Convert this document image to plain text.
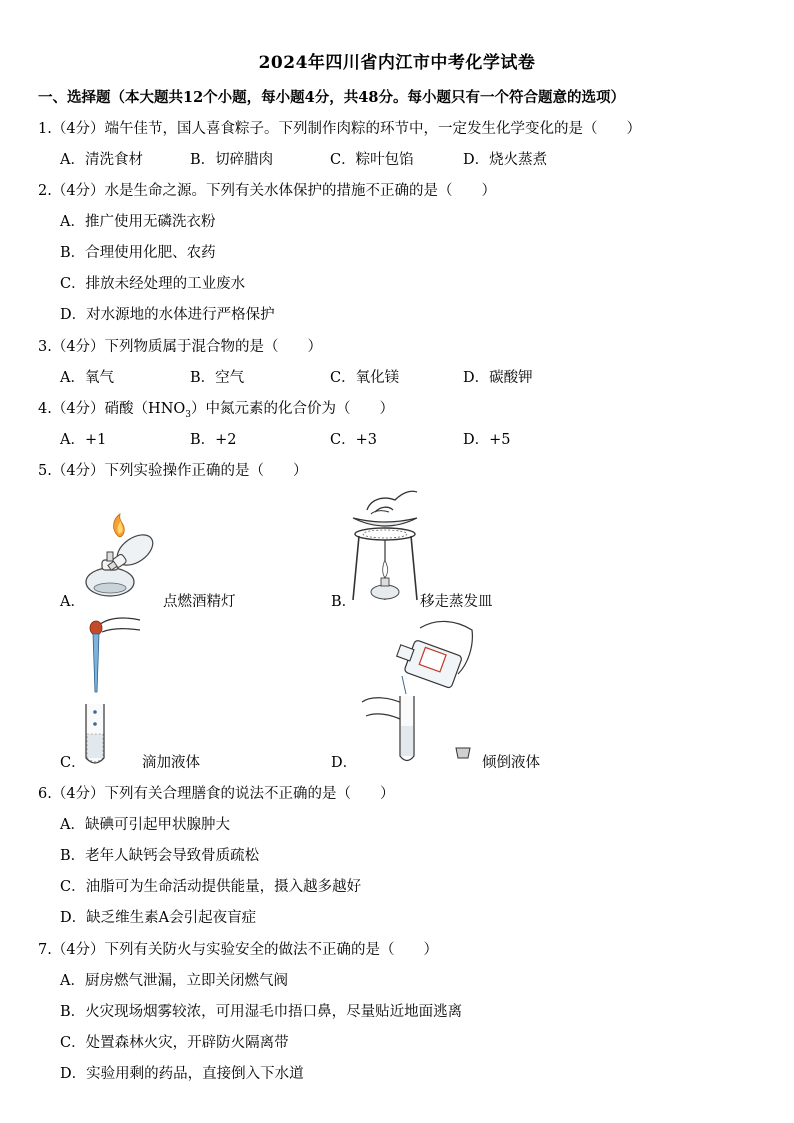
2024年四川省内江市中考化学试卷
一、选择题（本大题共12个小题，每小题4分，共48分。每小题只有一个符合题意的选项）
1.（4分）端午佳节，国人喜食粽子。下列制作肉粽的环节中，一定发生化学变化的是（　　）
A．清洗食材	B．切碎腊肉	C．粽叶包馅	D．烧火蒸煮
2.（4分）水是生命之源。下列有关水体保护的措施不正确的是（　　）
A．推广使用无磷洗衣粉
B．合理使用化肥、农药
C．排放未经处理的工业废水
D．对水源地的水体进行严格保护
3.（4分）下列物质属于混合物的是（　　）
A．氧气	B．空气	C．氧化镁	D．碳酸钾
4.（4分）硝酸$(HNO_3)$中氮元素的化合价为（　　）
A．+1	B．+2	C．+3	D．+5
5.（4分）下列实验操作正确的是（　　）
A．	点燃酒精灯	B．	移走蒸发皿
C．	滴加液体	D．	倾倒液体
6.（4分）下列有关合理膳食的说法不正确的是（　　）
A．缺碘可引起甲状腺肿大
B．老年人缺钙会导致骨质疏松
C．油脂可为生命活动提供能量，摄入越多越好
D．缺乏维生素A会引起夜盲症
7.（4分）下列有关防火与实验安全的做法不正确的是（　　）
A．厨房燃气泄漏，立即关闭燃气阀
B．火灾现场烟雾较浓，可用湿毛巾捂口鼻，尽量贴近地面逃离
C．处置森林火灾，开辟防火隔离带
D．实验用剩的药品，直接倒入下水道
